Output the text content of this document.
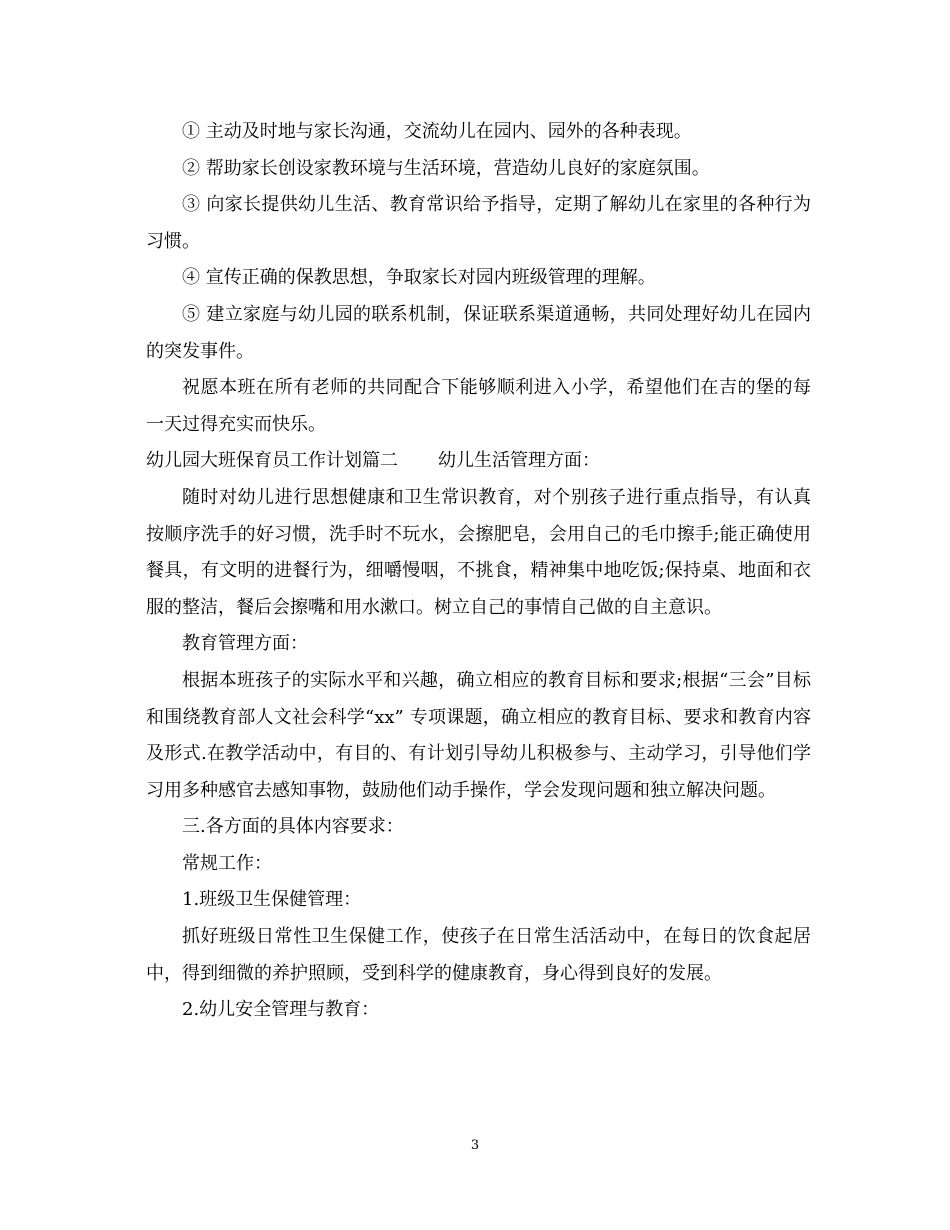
① 主动及时地与家长沟通，交流幼儿在园内、园外的各种表现。

② 帮助家长创设家教环境与生活环境，营造幼儿良好的家庭氛围。

③ 向家长提供幼儿生活、教育常识给予指导，定期了解幼儿在家里的各种行为习惯。

④ 宣传正确的保教思想，争取家长对园内班级管理的理解。

⑤ 建立家庭与幼儿园的联系机制，保证联系渠道通畅，共同处理好幼儿在园内的突发事件。

祝愿本班在所有老师的共同配合下能够顺利进入小学，希望他们在吉的堡的每一天过得充实而快乐。

幼儿园大班保育员工作计划篇二 幼儿生活管理方面：

随时对幼儿进行思想健康和卫生常识教育，对个别孩子进行重点指导，有认真按顺序洗手的好习惯，洗手时不玩水，会擦肥皂，会用自己的毛巾擦手;能正确使用餐具，有文明的进餐行为，细嚼慢咽，不挑食，精神集中地吃饭;保持桌、地面和衣服的整洁，餐后会擦嘴和用水漱口。树立自己的事情自己做的自主意识。

教育管理方面：

根据本班孩子的实际水平和兴趣，确立相应的教育目标和要求;根据“三会”目标和围绕教育部人文社会科学“xx” 专项课题，确立相应的教育目标、要求和教育内容及形式.在教学活动中，有目的、有计划引导幼儿积极参与、主动学习，引导他们学习用多种感官去感知事物，鼓励他们动手操作，学会发现问题和独立解决问题。

三.各方面的具体内容要求：

常规工作：

1.班级卫生保健管理：

抓好班级日常性卫生保健工作，使孩子在日常生活活动中，在每日的饮食起居中，得到细微的养护照顾，受到科学的健康教育，身心得到良好的发展。

2.幼儿安全管理与教育：

3
